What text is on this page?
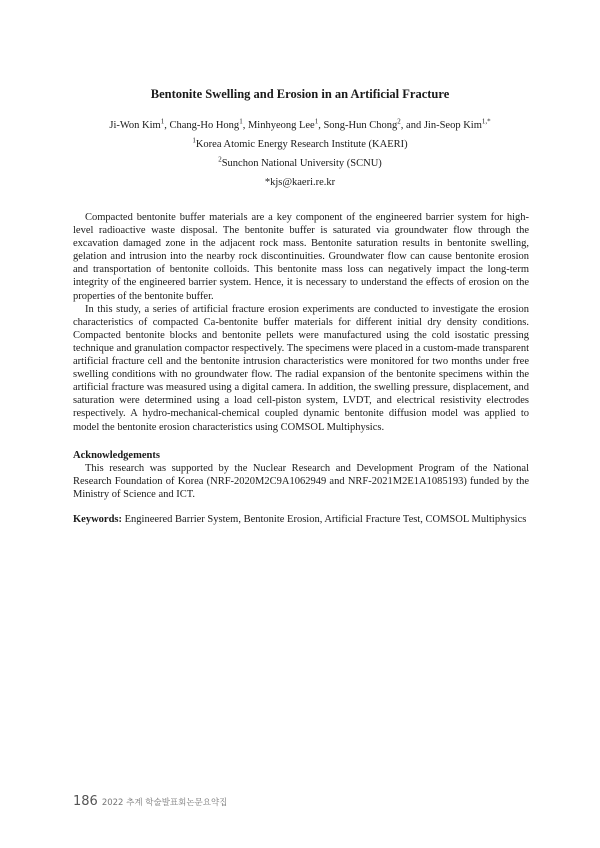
Bentonite Swelling and Erosion in an Artificial Fracture
Ji-Won Kim$^1$, Chang-Ho Hong$^1$, Minhyeong Lee$^1$, Song-Hun Chong$^2$, and Jin-Seop Kim$^{1,*}$
$^1$Korea Atomic Energy Research Institute (KAERI)
$^2$Sunchon National University (SCNU)
*kjs@kaeri.re.kr

Compacted bentonite buffer materials are a key component of the engineered barrier system for high-level radioactive waste disposal. The bentonite buffer is saturated via groundwater flow through the excavation damaged zone in the adjacent rock mass. Bentonite saturation results in bentonite swelling, gelation and intrusion into the nearby rock discontinuities. Groundwater flow can cause bentonite erosion and transportation of bentonite colloids. This bentonite mass loss can negatively impact the long-term integrity of the engineered barrier system. Hence, it is necessary to understand the effects of erosion on the properties of the bentonite buffer.

In this study, a series of artificial fracture erosion experiments are conducted to investigate the erosion characteristics of compacted Ca-bentonite buffer materials for different initial dry density conditions. Compacted bentonite blocks and bentonite pellets were manufactured using the cold isostatic pressing technique and granulation compactor respectively. The specimens were placed in a custom-made transparent artificial fracture cell and the bentonite intrusion characteristics were monitored for two months under free swelling conditions with no groundwater flow. The radial expansion of the bentonite specimens within the artificial fracture was measured using a digital camera. In addition, the swelling pressure, displacement, and saturation were determined using a load cell-piston system, LVDT, and electrical resistivity electrodes respectively. A hydro-mechanical-chemical coupled dynamic bentonite diffusion model was applied to model the bentonite erosion characteristics using COMSOL Multiphysics.

Acknowledgements

This research was supported by the Nuclear Research and Development Program of the National Research Foundation of Korea (NRF-2020M2C9A1062949 and NRF-2021M2E1A1085193) funded by the Ministry of Science and ICT.

Keywords: Engineered Barrier System, Bentonite Erosion, Artificial Fracture Test, COMSOL Multiphysics
186 2022 추계 학술발표회논문요약집
